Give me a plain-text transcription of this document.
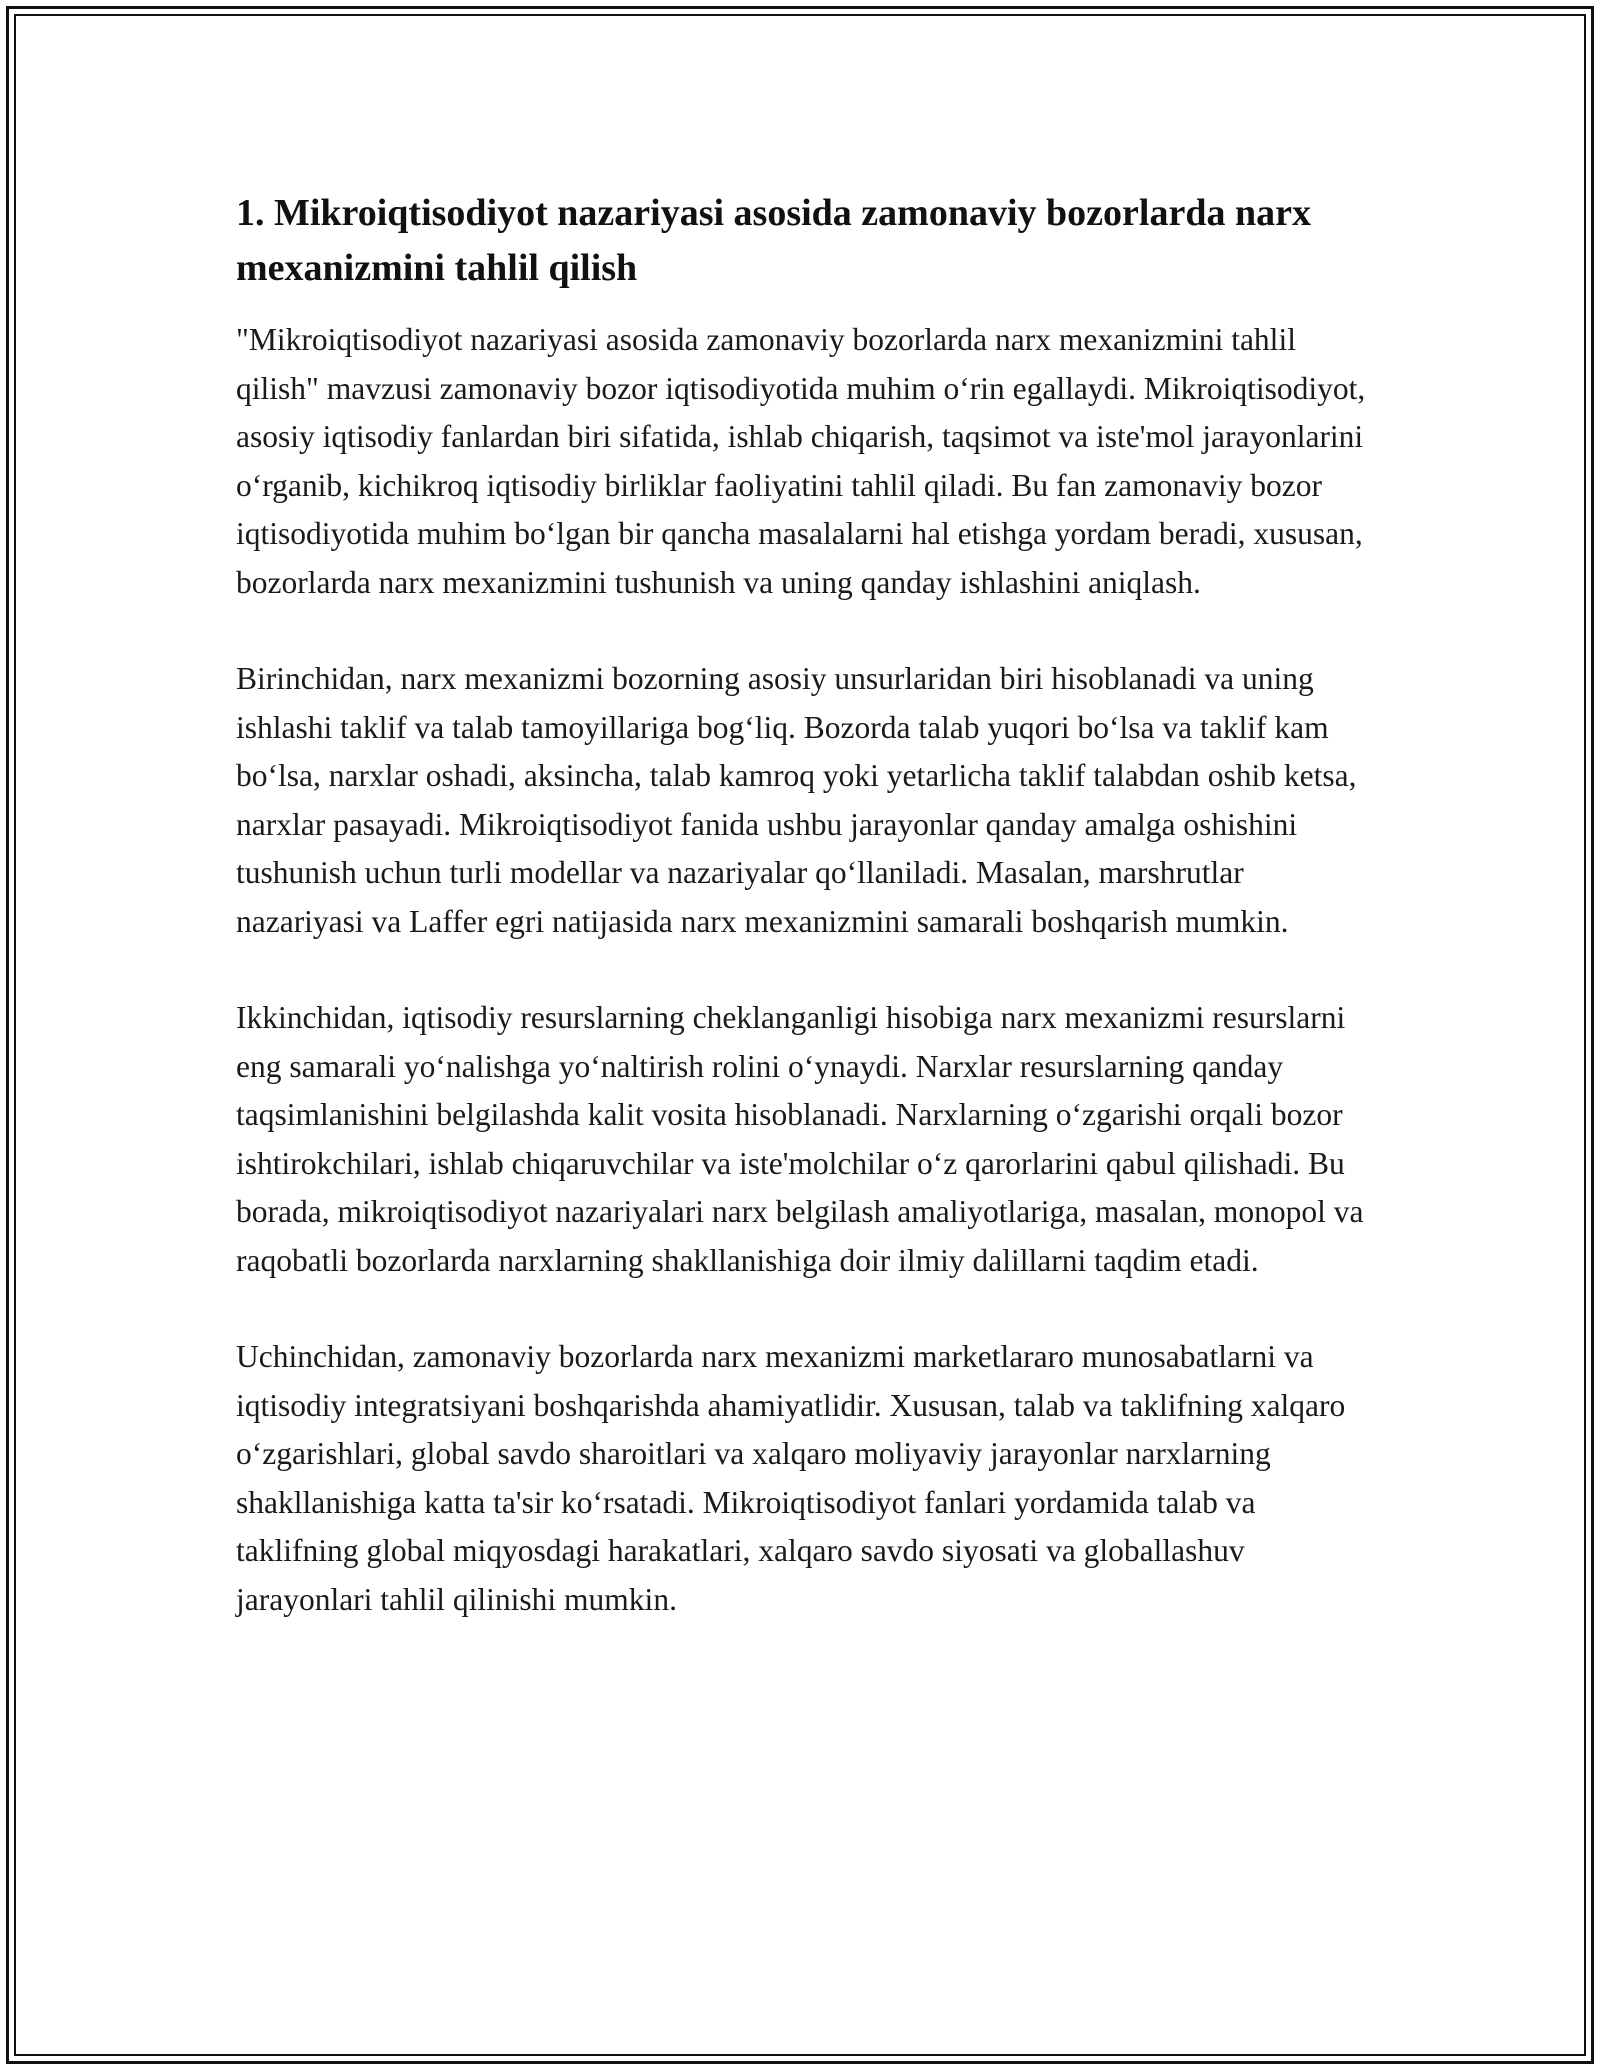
1. Mikroiqtisodiyot nazariyasi asosida zamonaviy bozorlarda narx mexanizmini tahlil qilish

"Mikroiqtisodiyot nazariyasi asosida zamonaviy bozorlarda narx mexanizmini tahlil qilish" mavzusi zamonaviy bozor iqtisodiyotida muhim o‘rin egallaydi. Mikroiqtisodiyot, asosiy iqtisodiy fanlardan biri sifatida, ishlab chiqarish, taqsimot va iste'mol jarayonlarini o‘rganib, kichikroq iqtisodiy birliklar faoliyatini tahlil qiladi. Bu fan zamonaviy bozor iqtisodiyotida muhim bo‘lgan bir qancha masalalarni hal etishga yordam beradi, xususan, bozorlarda narx mexanizmini tushunish va uning qanday ishlashini aniqlash.

Birinchidan, narx mexanizmi bozorning asosiy unsurlaridan biri hisoblanadi va uning ishlashi taklif va talab tamoyillariga bog‘liq. Bozorda talab yuqori bo‘lsa va taklif kam bo‘lsa, narxlar oshadi, aksincha, talab kamroq yoki yetarlicha taklif talabdan oshib ketsa, narxlar pasayadi. Mikroiqtisodiyot fanida ushbu jarayonlar qanday amalga oshishini tushunish uchun turli modellar va nazariyalar qo‘llaniladi. Masalan, marshrutlar nazariyasi va Laffer egri natijasida narx mexanizmini samarali boshqarish mumkin.

Ikkinchidan, iqtisodiy resurslarning cheklanganligi hisobiga narx mexanizmi resurslarni eng samarali yo‘nalishga yo‘naltirish rolini o‘ynaydi. Narxlar resurslarning qanday taqsimlanishini belgilashda kalit vosita hisoblanadi. Narxlarning o‘zgarishi orqali bozor ishtirokchilari, ishlab chiqaruvchilar va iste'molchilar o‘z qarorlarini qabul qilishadi. Bu borada, mikroiqtisodiyot nazariyalari narx belgilash amaliyotlariga, masalan, monopol va raqobatli bozorlarda narxlarning shakllanishiga doir ilmiy dalillarni taqdim etadi.

Uchinchidan, zamonaviy bozorlarda narx mexanizmi marketlararo munosabatlarni va iqtisodiy integratsiyani boshqarishda ahamiyatlidir. Xususan, talab va taklifning xalqaro o‘zgarishlari, global savdo sharoitlari va xalqaro moliyaviy jarayonlar narxlarning shakllanishiga katta ta'sir ko‘rsatadi. Mikroiqtisodiyot fanlari yordamida talab va taklifning global miqyosdagi harakatlari, xalqaro savdo siyosati va globallashuv jarayonlari tahlil qilinishi mumkin.
